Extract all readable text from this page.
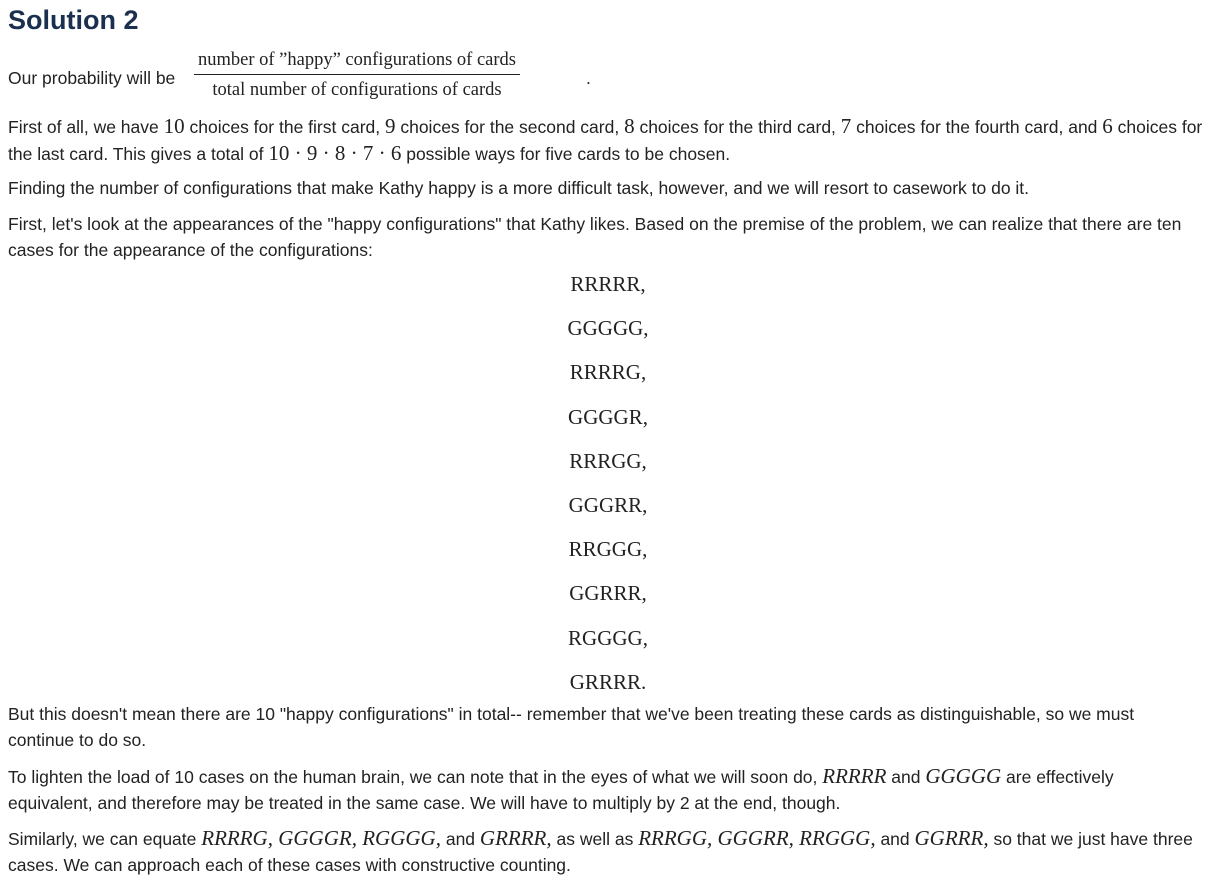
Solution 2
Our probability will be
number of ”happy” configurations of cards
total number of configurations of cards
.
First of all, we have 10 choices for the first card, 9 choices for the second card, 8 choices for the third card, 7 choices for the fourth card, and 6 choices for the last card. This gives a total of 10 · 9 · 8 · 7 · 6 possible ways for five cards to be chosen.
Finding the number of configurations that make Kathy happy is a more difficult task, however, and we will resort to casework to do it.
First, let's look at the appearances of the "happy configurations" that Kathy likes. Based on the premise of the problem, we can realize that there are ten cases for the appearance of the configurations:
RRRRR,
GGGGG,
RRRRG,
GGGGR,
RRRGG,
GGGRR,
RRGGG,
GGRRR,
RGGGG,
GRRRR.
But this doesn't mean there are 10 "happy configurations" in total-- remember that we've been treating these cards as distinguishable, so we must continue to do so.
To lighten the load of 10 cases on the human brain, we can note that in the eyes of what we will soon do, RRRRR and GGGGG are effectively equivalent, and therefore may be treated in the same case. We will have to multiply by 2 at the end, though.
Similarly, we can equate RRRRG, GGGGR, RGGGG, and GRRRR, as well as RRRGG, GGGRR, RRGGG, and GGRRR, so that we just have three cases. We can approach each of these cases with constructive counting.
